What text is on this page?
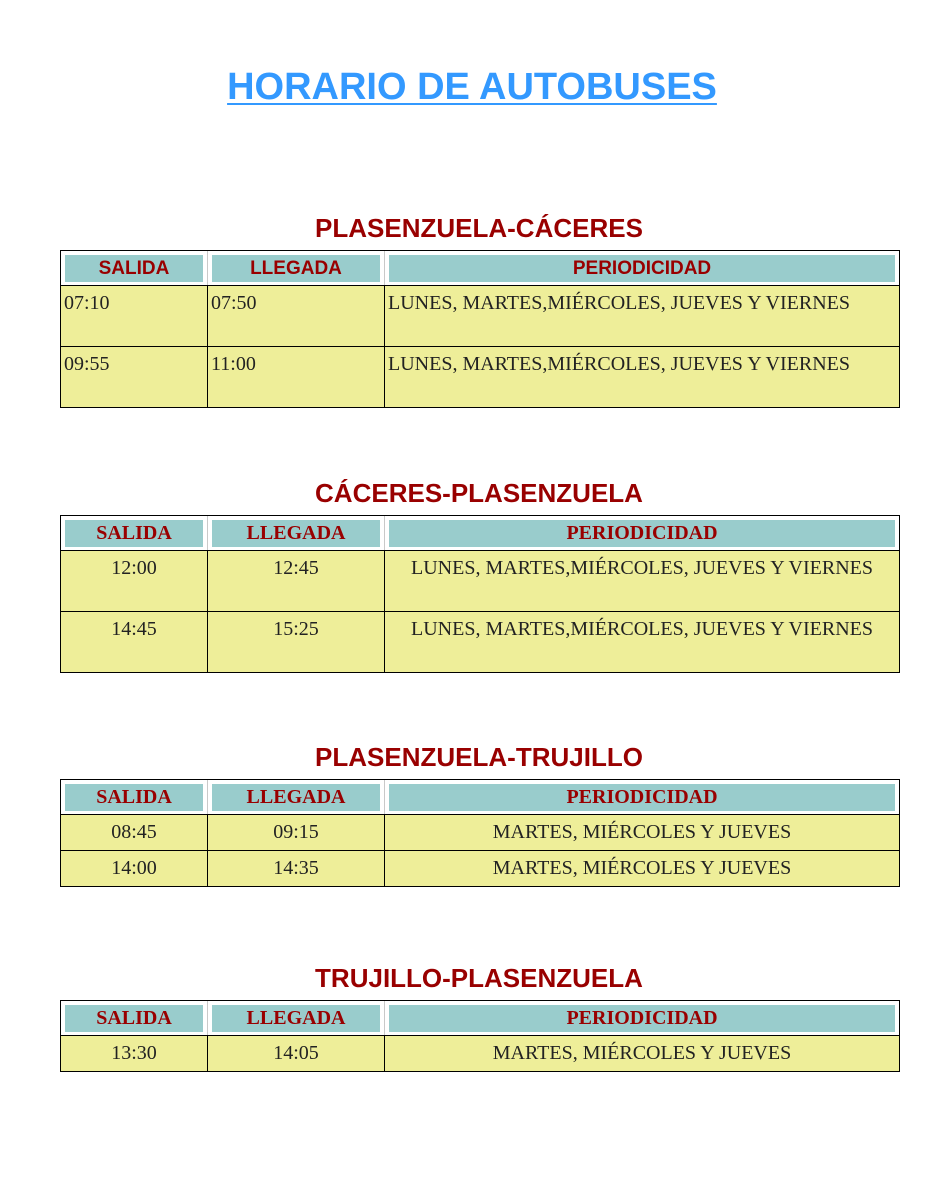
HORARIO DE AUTOBUSES
PLASENZUELA-CÁCERES
SALIDA	LLEGADA	PERIODICIDAD

07:10	07:50	LUNES, MARTES,MIÉRCOLES, JUEVES Y VIERNES
09:55	11:00	LUNES, MARTES,MIÉRCOLES, JUEVES Y VIERNES
CÁCERES-PLASENZUELA
SALIDA	LLEGADA	PERIODICIDAD

12:00	12:45	LUNES, MARTES,MIÉRCOLES, JUEVES Y VIERNES
14:45	15:25	LUNES, MARTES,MIÉRCOLES, JUEVES Y VIERNES
PLASENZUELA-TRUJILLO
SALIDA	LLEGADA	PERIODICIDAD

08:45	09:15	MARTES, MIÉRCOLES Y JUEVES
14:00	14:35	MARTES, MIÉRCOLES Y JUEVES
TRUJILLO-PLASENZUELA
SALIDA	LLEGADA	PERIODICIDAD

13:30	14:05	MARTES, MIÉRCOLES Y JUEVES
